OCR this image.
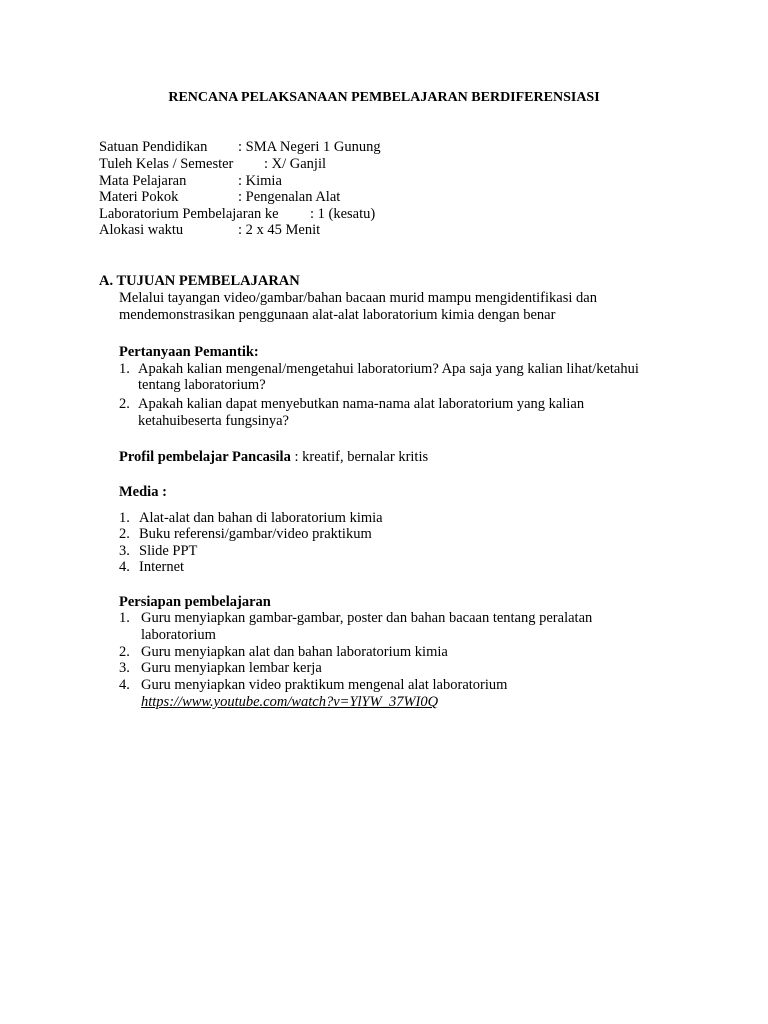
RENCANA PELAKSANAAN PEMBELAJARAN BERDIFERENSIASI
Satuan Pendidikan : SMA Negeri 1 Gunung
Tuleh Kelas / Semester : X/ Ganjil
Mata Pelajaran	: Kimia
Materi Pokok	: Pengenalan Alat
Laboratorium Pembelajaran ke : 1 (kesatu)
Alokasi waktu	: 2 x 45 Menit
A. TUJUAN PEMBELAJARAN
Melalui tayangan video/gambar/bahan bacaan murid mampu mengidentifikasi dan
mendemonstrasikan penggunaan alat-alat laboratorium kimia dengan benar
Pertanyaan Pemantik:
1. Apakah kalian mengenal/mengetahui laboratorium? Apa saja yang kalian lihat/ketahui
tentang laboratorium?
2. Apakah kalian dapat menyebutkan nama-nama alat laboratorium yang kalian
ketahuibeserta fungsinya?
Profil pembelajar Pancasila : kreatif, bernalar kritis
Media :
1. Alat-alat dan bahan di laboratorium kimia
2. Buku referensi/gambar/video praktikum
3. Slide PPT
4. Internet
Persiapan pembelajaran
1. Guru menyiapkan gambar-gambar, poster dan bahan bacaan tentang peralatan
laboratorium
2. Guru menyiapkan alat dan bahan laboratorium kimia
3. Guru menyiapkan lembar kerja
4. Guru menyiapkan video praktikum mengenal alat laboratorium
https://www.youtube.com/watch?v=YlYW_37WI0Q
